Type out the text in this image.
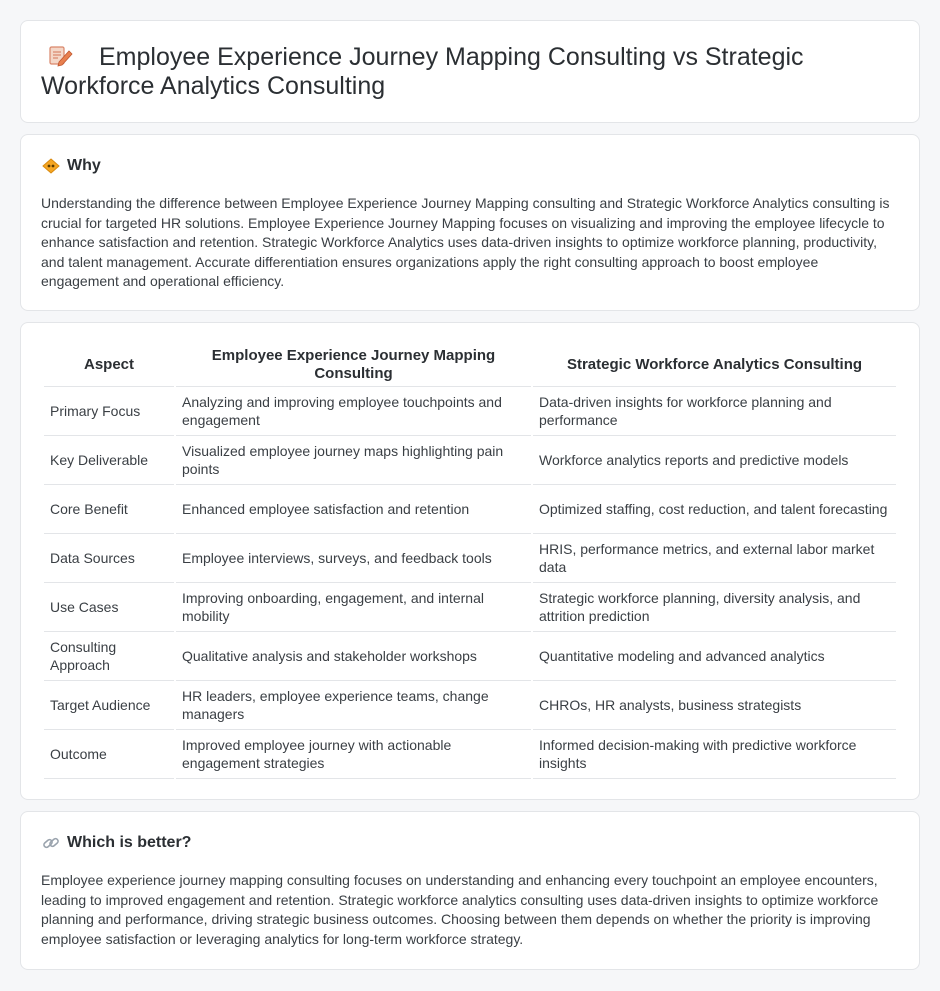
Employee Experience Journey Mapping Consulting vs Strategic Workforce Analytics Consulting
Why

Understanding the difference between Employee Experience Journey Mapping consulting and Strategic Workforce Analytics consulting is crucial for targeted HR solutions. Employee Experience Journey Mapping focuses on visualizing and improving the employee lifecycle to enhance satisfaction and retention. Strategic Workforce Analytics uses data-driven insights to optimize workforce planning, productivity, and talent management. Accurate differentiation ensures organizations apply the right consulting approach to boost employee engagement and operational efficiency.

Aspect	Employee Experience Journey Mapping Consulting	Strategic Workforce Analytics Consulting
Primary Focus	Analyzing and improving employee touchpoints and engagement	Data-driven insights for workforce planning and performance
Key Deliverable	Visualized employee journey maps highlighting pain points	Workforce analytics reports and predictive models
Core Benefit	Enhanced employee satisfaction and retention	Optimized staffing, cost reduction, and talent forecasting
Data Sources	Employee interviews, surveys, and feedback tools	HRIS, performance metrics, and external labor market data
Use Cases	Improving onboarding, engagement, and internal mobility	Strategic workforce planning, diversity analysis, and attrition prediction
Consulting Approach	Qualitative analysis and stakeholder workshops	Quantitative modeling and advanced analytics
Target Audience	HR leaders, employee experience teams, change managers	CHROs, HR analysts, business strategists
Outcome	Improved employee journey with actionable engagement strategies	Informed decision-making with predictive workforce insights
Which is better?

Employee experience journey mapping consulting focuses on understanding and enhancing every touchpoint an employee encounters, leading to improved engagement and retention. Strategic workforce analytics consulting uses data-driven insights to optimize workforce planning and performance, driving strategic business outcomes. Choosing between them depends on whether the priority is improving employee satisfaction or leveraging analytics for long-term workforce strategy.
